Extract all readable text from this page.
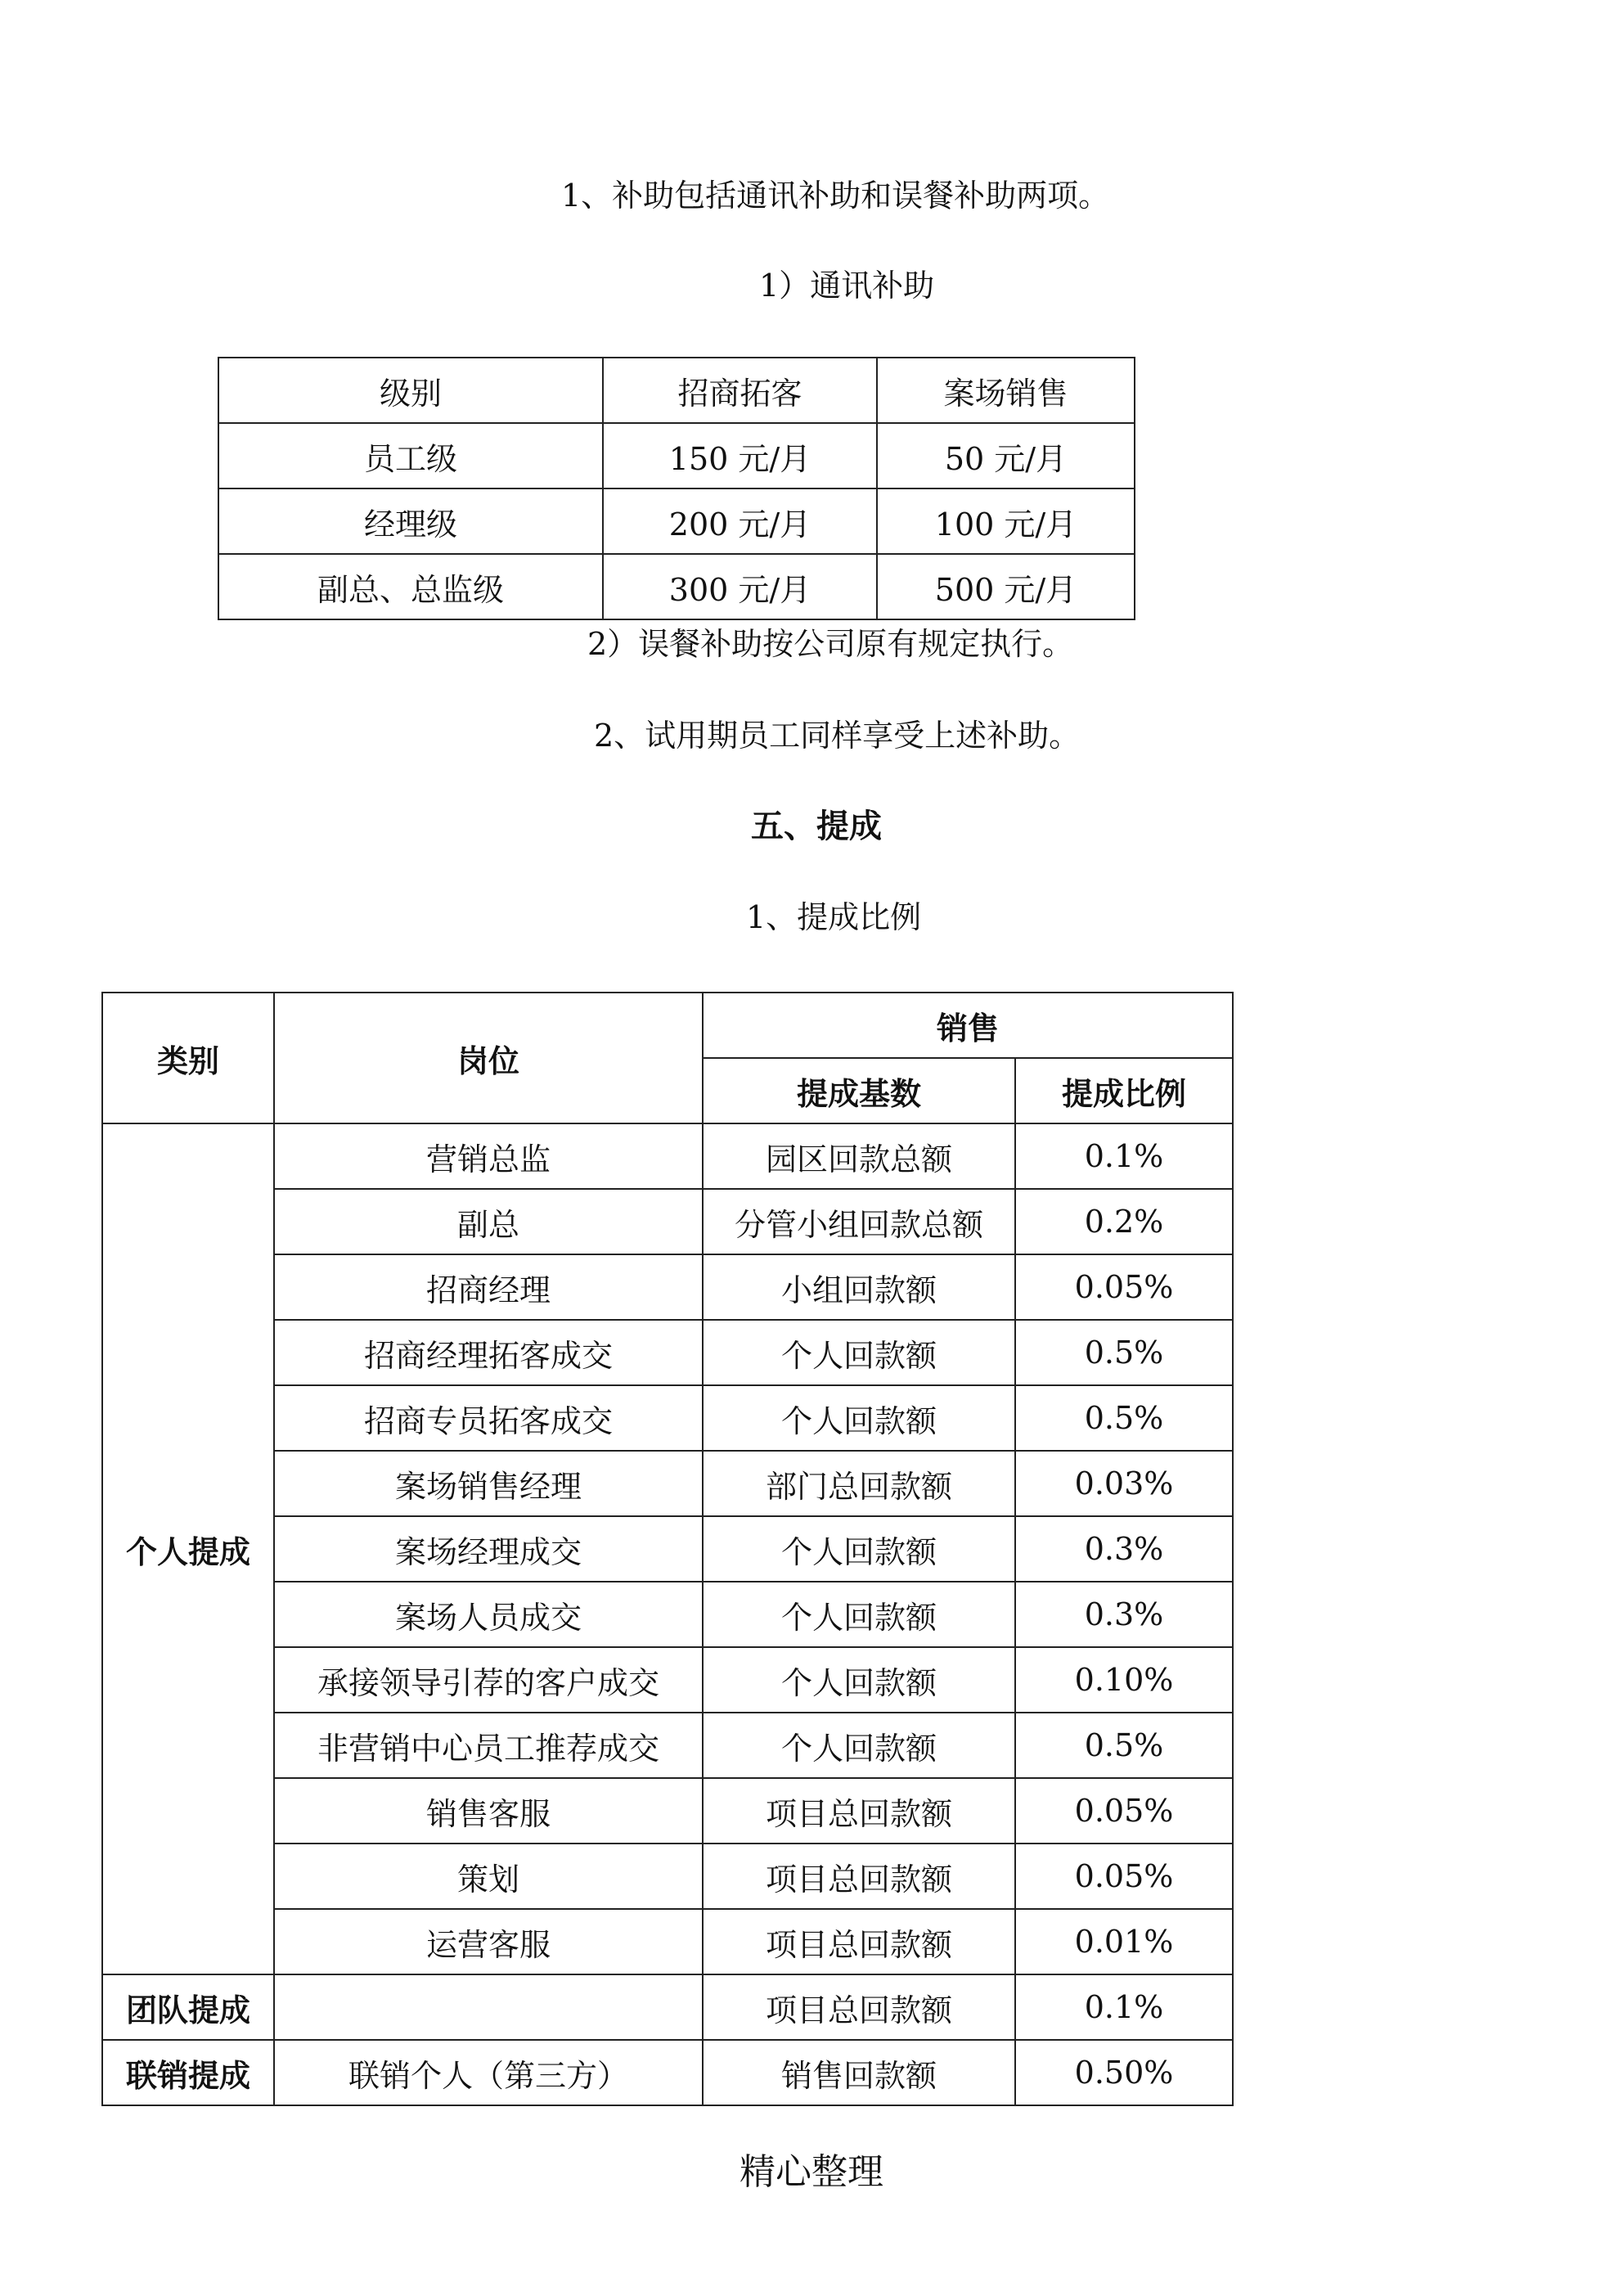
1、补助包括通讯补助和误餐补助两项。
1）通讯补助
级别	招商拓客	案场销售
员工级	150 元/月	50 元/月
经理级	200 元/月	100 元/月
副总、总监级	300 元/月	500 元/月
2）误餐补助按公司原有规定执行。
2、试用期员工同样享受上述补助。
五、提成
1、提成比例
类别	岗位	销售	
		提成基数	提成比例
个人提成	营销总监	园区回款总额	0.1%
	副总	分管小组回款总额	0.2%
	招商经理	小组回款额	0.05%
	招商经理拓客成交	个人回款额	0.5%
	招商专员拓客成交	个人回款额	0.5%
	案场销售经理	部门总回款额	0.03%
	案场经理成交	个人回款额	0.3%
	案场人员成交	个人回款额	0.3%
	承接领导引荐的客户成交	个人回款额	0.10%
	非营销中心员工推荐成交	个人回款额	0.5%
	销售客服	项目总回款额	0.05%
	策划	项目总回款额	0.05%
	运营客服	项目总回款额	0.01%
团队提成		项目总回款额	0.1%
联销提成	联销个人（第三方）	销售回款额	0.50%
精心整理
